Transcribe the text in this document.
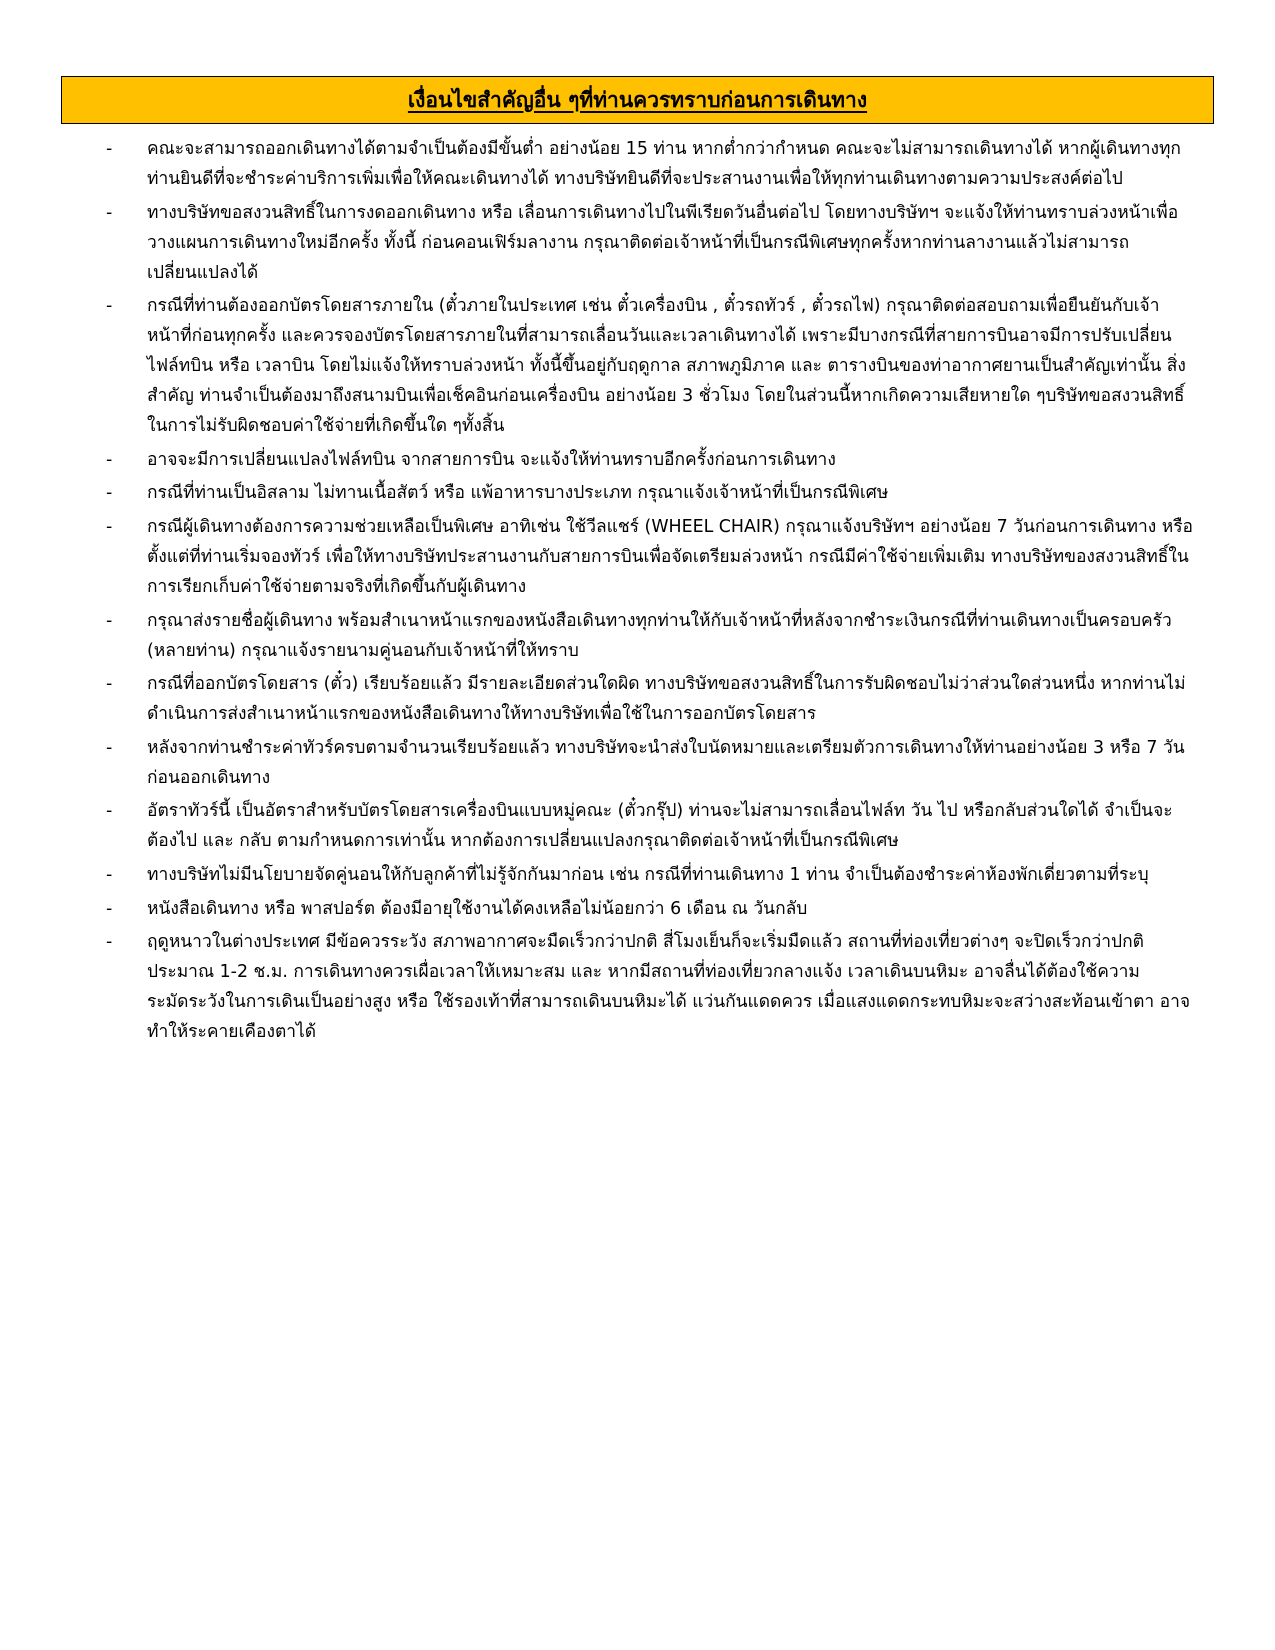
เงื่อนไขสำคัญอื่น ๆที่ท่านควรทราบก่อนการเดินทาง
-	คณะจะสามารถออกเดินทางได้ตามจำเป็นต้องมีขั้นต่ำ อย่างน้อย 15 ท่าน หากต่ำกว่ากำหนด คณะจะไม่สามารถเดินทางได้ หากผู้เดินทางทุกท่านยินดีที่จะชำระค่าบริการเพิ่มเพื่อให้คณะเดินทางได้ ทางบริษัทยินดีที่จะประสานงานเพื่อให้ทุกท่านเดินทางตามความประสงค์ต่อไป
-	ทางบริษัทขอสงวนสิทธิ์ในการงดออกเดินทาง หรือ เลื่อนการเดินทางไปในพีเรียดวันอื่นต่อไป โดยทางบริษัทฯ จะแจ้งให้ท่านทราบล่วงหน้าเพื่อวางแผนการเดินทางใหม่อีกครั้ง ทั้งนี้ ก่อนคอนเฟิร์มลางาน กรุณาติดต่อเจ้าหน้าที่เป็นกรณีพิเศษทุกครั้งหากท่านลางานแล้วไม่สามารถเปลี่ยนแปลงได้
-	กรณีที่ท่านต้องออกบัตรโดยสารภายใน (ตั๋วภายในประเทศ เช่น ตั๋วเครื่องบิน , ตั๋วรถทัวร์ , ตั๋วรถไฟ) กรุณาติดต่อสอบถามเพื่อยืนยันกับเจ้าหน้าที่ก่อนทุกครั้ง และควรจองบัตรโดยสารภายในที่สามารถเลื่อนวันและเวลาเดินทางได้ เพราะมีบางกรณีที่สายการบินอาจมีการปรับเปลี่ยนไฟล์ทบิน หรือ เวลาบิน โดยไม่แจ้งให้ทราบล่วงหน้า ทั้งนี้ขึ้นอยู่กับฤดูกาล สภาพภูมิภาค และ ตารางบินของท่าอากาศยานเป็นสำคัญเท่านั้น สิ่งสำคัญ ท่านจำเป็นต้องมาถึงสนามบินเพื่อเช็คอินก่อนเครื่องบิน อย่างน้อย 3 ชั่วโมง โดยในส่วนนี้หากเกิดความเสียหายใด ๆบริษัทขอสงวนสิทธิ์ในการไม่รับผิดชอบค่าใช้จ่ายที่เกิดขึ้นใด ๆทั้งสิ้น
-	อาจจะมีการเปลี่ยนแปลงไฟล์ทบิน จากสายการบิน จะแจ้งให้ท่านทราบอีกครั้งก่อนการเดินทาง
-	กรณีที่ท่านเป็นอิสลาม ไม่ทานเนื้อสัตว์ หรือ แพ้อาหารบางประเภท กรุณาแจ้งเจ้าหน้าที่เป็นกรณีพิเศษ
-	กรณีผู้เดินทางต้องการความช่วยเหลือเป็นพิเศษ อาทิเช่น ใช้วีลแชร์ (WHEEL CHAIR) กรุณาแจ้งบริษัทฯ อย่างน้อย 7 วันก่อนการเดินทาง หรือตั้งแต่ที่ท่านเริ่มจองทัวร์ เพื่อให้ทางบริษัทประสานงานกับสายการบินเพื่อจัดเตรียมล่วงหน้า กรณีมีค่าใช้จ่ายเพิ่มเติม ทางบริษัทของสงวนสิทธิ์ในการเรียกเก็บค่าใช้จ่ายตามจริงที่เกิดขึ้นกับผู้เดินทาง
-	กรุณาส่งรายชื่อผู้เดินทาง พร้อมสำเนาหน้าแรกของหนังสือเดินทางทุกท่านให้กับเจ้าหน้าที่หลังจากชำระเงินกรณีที่ท่านเดินทางเป็นครอบครัว (หลายท่าน) กรุณาแจ้งรายนามคู่นอนกับเจ้าหน้าที่ให้ทราบ
-	กรณีที่ออกบัตรโดยสาร (ตั๋ว) เรียบร้อยแล้ว มีรายละเอียดส่วนใดผิด ทางบริษัทขอสงวนสิทธิ์ในการรับผิดชอบไม่ว่าส่วนใดส่วนหนึ่ง หากท่านไม่ดำเนินการส่งสำเนาหน้าแรกของหนังสือเดินทางให้ทางบริษัทเพื่อใช้ในการออกบัตรโดยสาร
-	หลังจากท่านชำระค่าทัวร์ครบตามจำนวนเรียบร้อยแล้ว ทางบริษัทจะนำส่งใบนัดหมายและเตรียมตัวการเดินทางให้ท่านอย่างน้อย 3 หรือ 7 วัน ก่อนออกเดินทาง
-	อัตราทัวร์นี้ เป็นอัตราสำหรับบัตรโดยสารเครื่องบินแบบหมู่คณะ (ตั๋วกรุ๊ป) ท่านจะไม่สามารถเลื่อนไฟล์ท วัน ไป หรือกลับส่วนใดได้ จำเป็นจะต้องไป และ กลับ ตามกำหนดการเท่านั้น หากต้องการเปลี่ยนแปลงกรุณาติดต่อเจ้าหน้าที่เป็นกรณีพิเศษ
-	ทางบริษัทไม่มีนโยบายจัดคู่นอนให้กับลูกค้าที่ไม่รู้จักกันมาก่อน เช่น กรณีที่ท่านเดินทาง 1 ท่าน จำเป็นต้องชำระค่าห้องพักเดี่ยวตามที่ระบุ
-	หนังสือเดินทาง หรือ พาสปอร์ต ต้องมีอายุใช้งานได้คงเหลือไม่น้อยกว่า 6 เดือน ณ วันกลับ
-	ฤดูหนาวในต่างประเทศ มีข้อควรระวัง สภาพอากาศจะมืดเร็วกว่าปกติ สี่โมงเย็นก็จะเริ่มมืดแล้ว สถานที่ท่องเที่ยวต่างๆ จะปิดเร็วกว่าปกติ ประมาณ 1-2 ช.ม. การเดินทางควรเผื่อเวลาให้เหมาะสม และ หากมีสถานที่ท่องเที่ยวกลางแจ้ง เวลาเดินบนหิมะ อาจลื่นได้ต้องใช้ความระมัดระวังในการเดินเป็นอย่างสูง หรือ ใช้รองเท้าที่สามารถเดินบนหิมะได้ แว่นกันแดดควร เมื่อแสงแดดกระทบหิมะจะสว่างสะท้อนเข้าตา อาจทำให้ระคายเคืองตาได้
